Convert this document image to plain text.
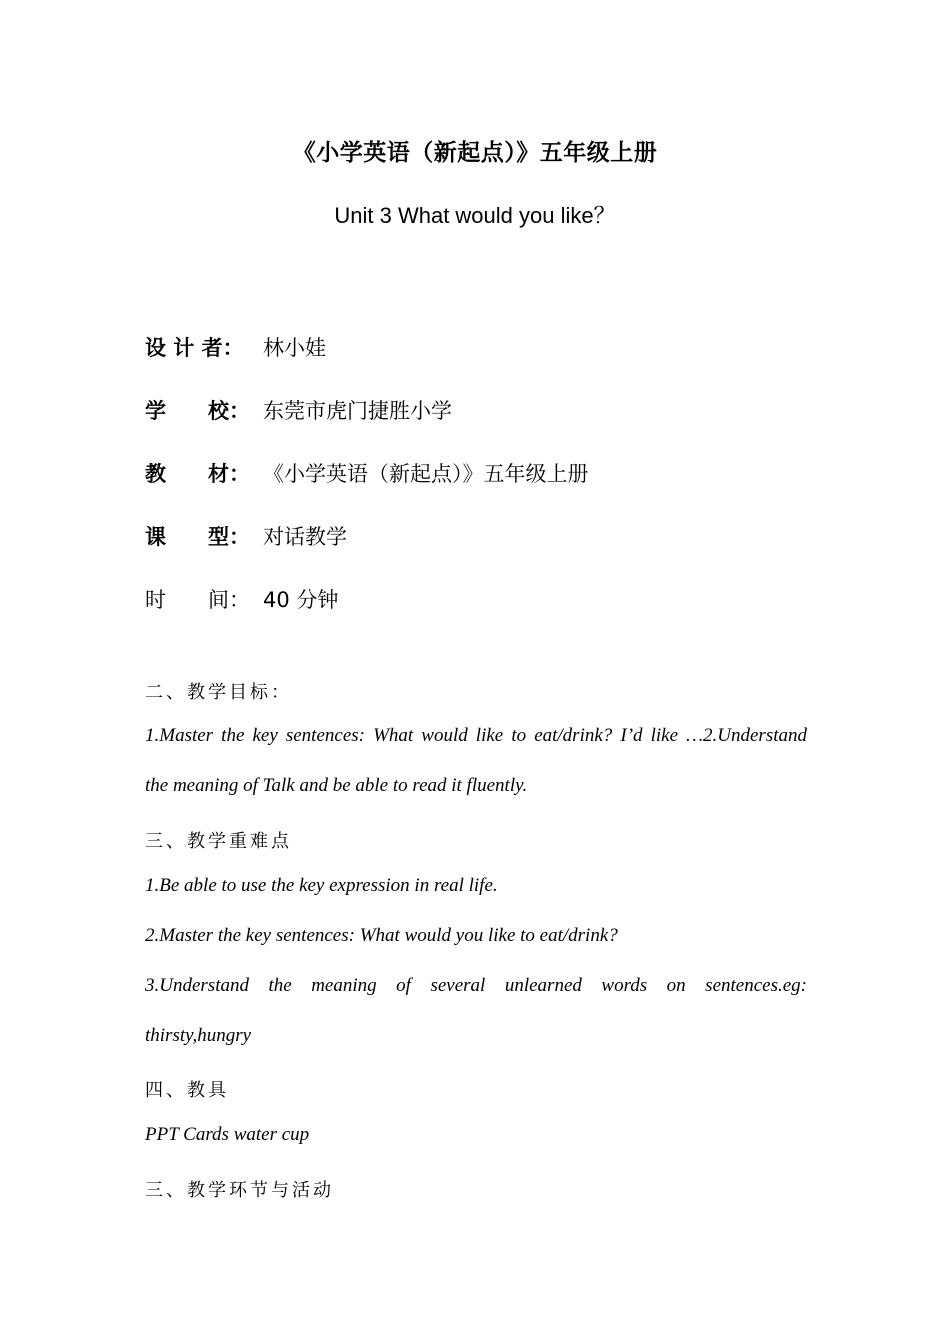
《小学英语（新起点）》五年级上册
Unit 3 What would you like？
设 计 者： 林小娃
学　　校： 东莞市虎门捷胜小学
教　　材： 《小学英语（新起点）》五年级上册
课　　型： 对话教学
时　　间： 40 分钟
二、教学目标：
1.Master the key sentences: What would like to eat/drink? I’d like …2.Understand
the meaning of Talk and be able to read it fluently.
三、教学重难点
1.Be able to use the key expression in real life.
2.Master the key sentences: What would you like to eat/drink?
3.Understand the meaning of several unlearned words on sentences.eg:
thirsty,hungry
四、教具
PPT Cards water cup
三、教学环节与活动
